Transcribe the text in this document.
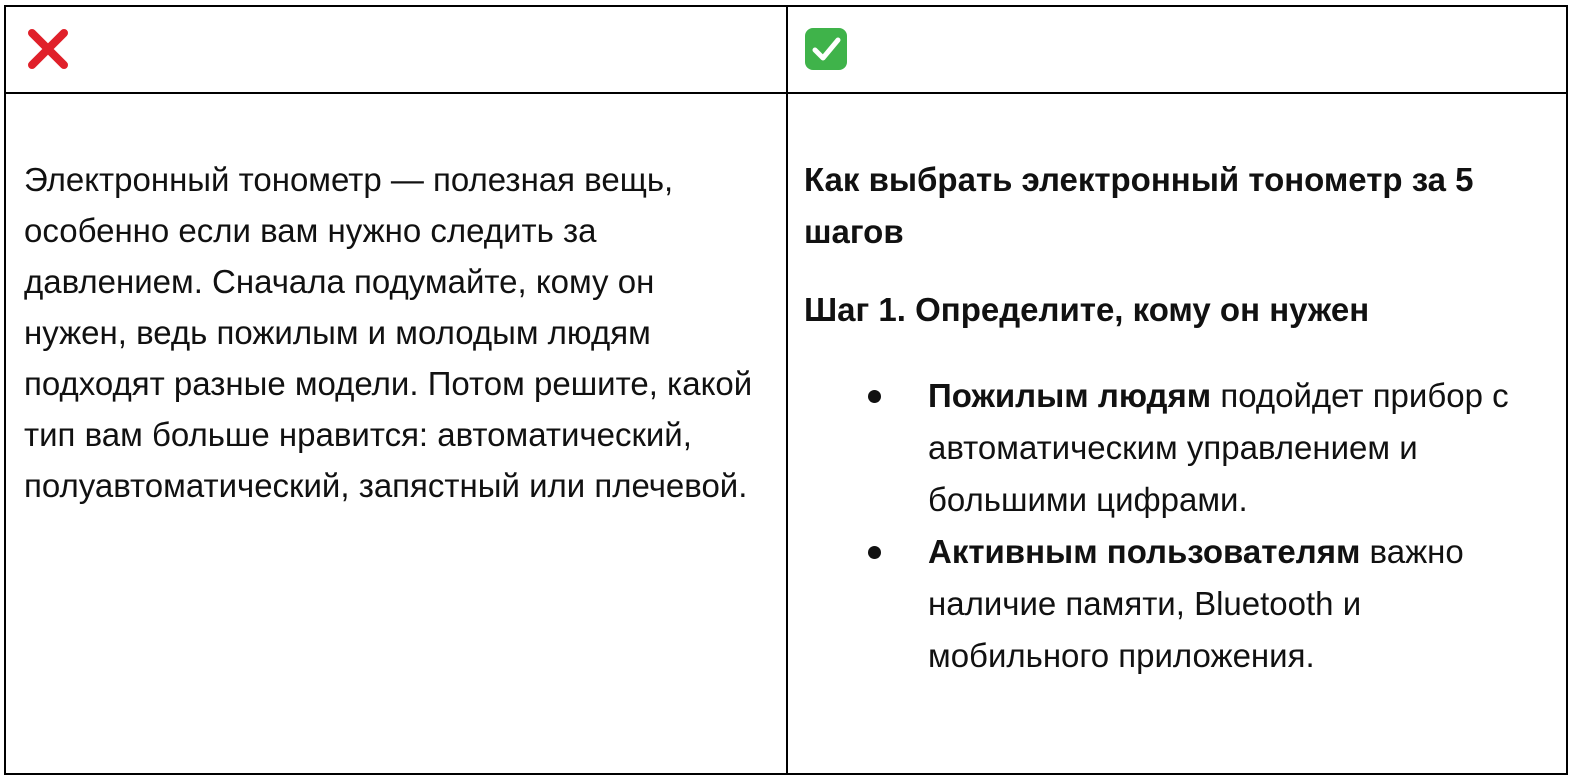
Электронный тонометр — полезная вещь, особенно если вам нужно следить за давлением. Сначала подумайте, кому он нужен, ведь пожилым и молодым людям подходят разные модели. Потом решите, какой тип вам больше нравится: автоматический, полуавтоматический, запястный или плечевой.

Как выбрать электронный тонометр за 5 шагов

Шаг 1. Определите, кому он нужен

Пожилым людям подойдет прибор с автоматическим управлением и большими цифрами.
Активным пользователям важно наличие памяти, Bluetooth и мобильного приложения.
